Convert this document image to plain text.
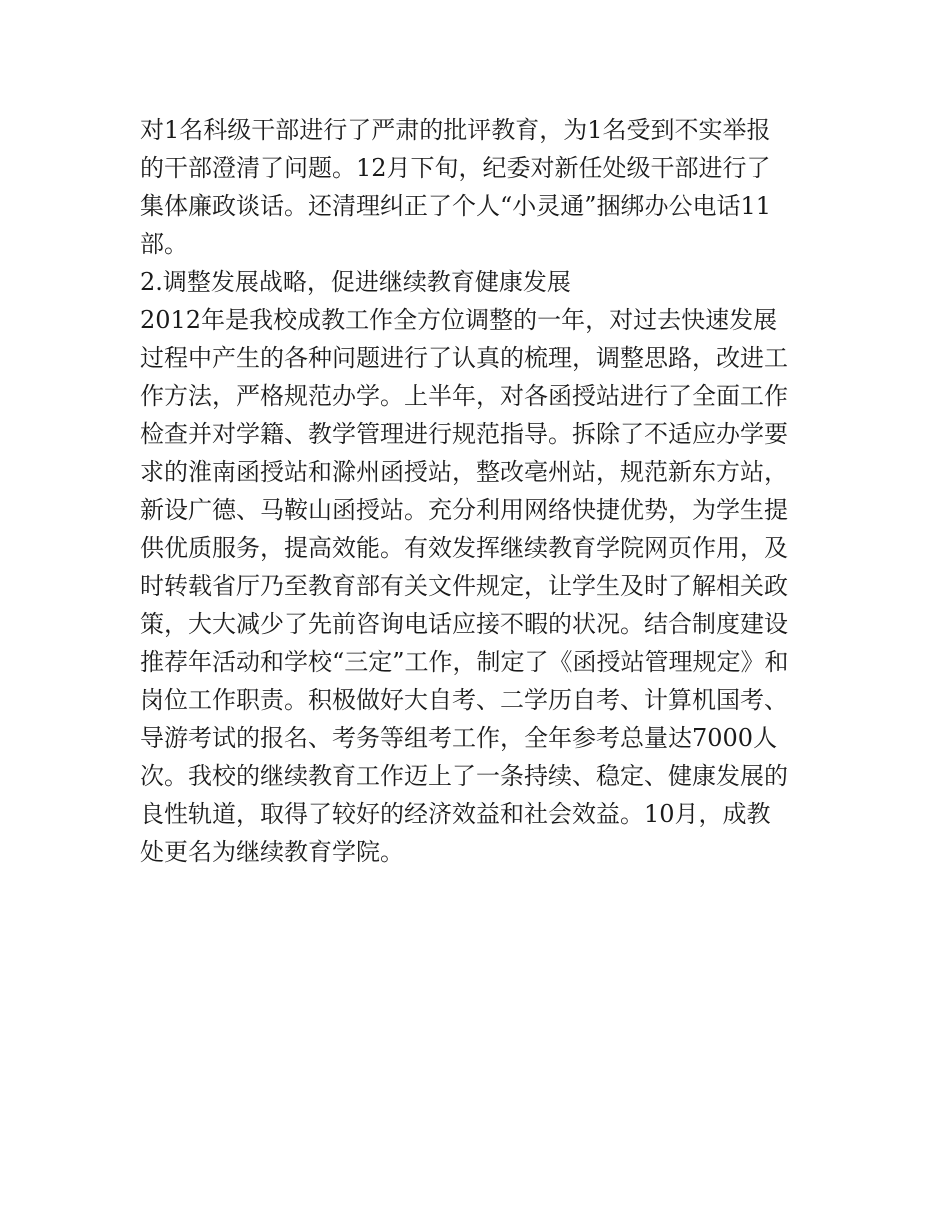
对1名科级干部进行了严肃的批评教育，为1名受到不实举报
的干部澄清了问题。12月下旬，纪委对新任处级干部进行了
集体廉政谈话。还清理纠正了个人“小灵通”捆绑办公电话11
部。
2.调整发展战略，促进继续教育健康发展
2012年是我校成教工作全方位调整的一年，对过去快速发展
过程中产生的各种问题进行了认真的梳理，调整思路，改进工
作方法，严格规范办学。上半年，对各函授站进行了全面工作
检查并对学籍、教学管理进行规范指导。拆除了不适应办学要
求的淮南函授站和滁州函授站，整改亳州站，规范新东方站，
新设广德、马鞍山函授站。充分利用网络快捷优势，为学生提
供优质服务，提高效能。有效发挥继续教育学院网页作用，及
时转载省厅乃至教育部有关文件规定，让学生及时了解相关政
策，大大减少了先前咨询电话应接不暇的状况。结合制度建设
推荐年活动和学校“三定”工作，制定了《函授站管理规定》和
岗位工作职责。积极做好大自考、二学历自考、计算机国考、
导游考试的报名、考务等组考工作，全年参考总量达7000人
次。我校的继续教育工作迈上了一条持续、稳定、健康发展的
良性轨道，取得了较好的经济效益和社会效益。10月，成教
处更名为继续教育学院。
